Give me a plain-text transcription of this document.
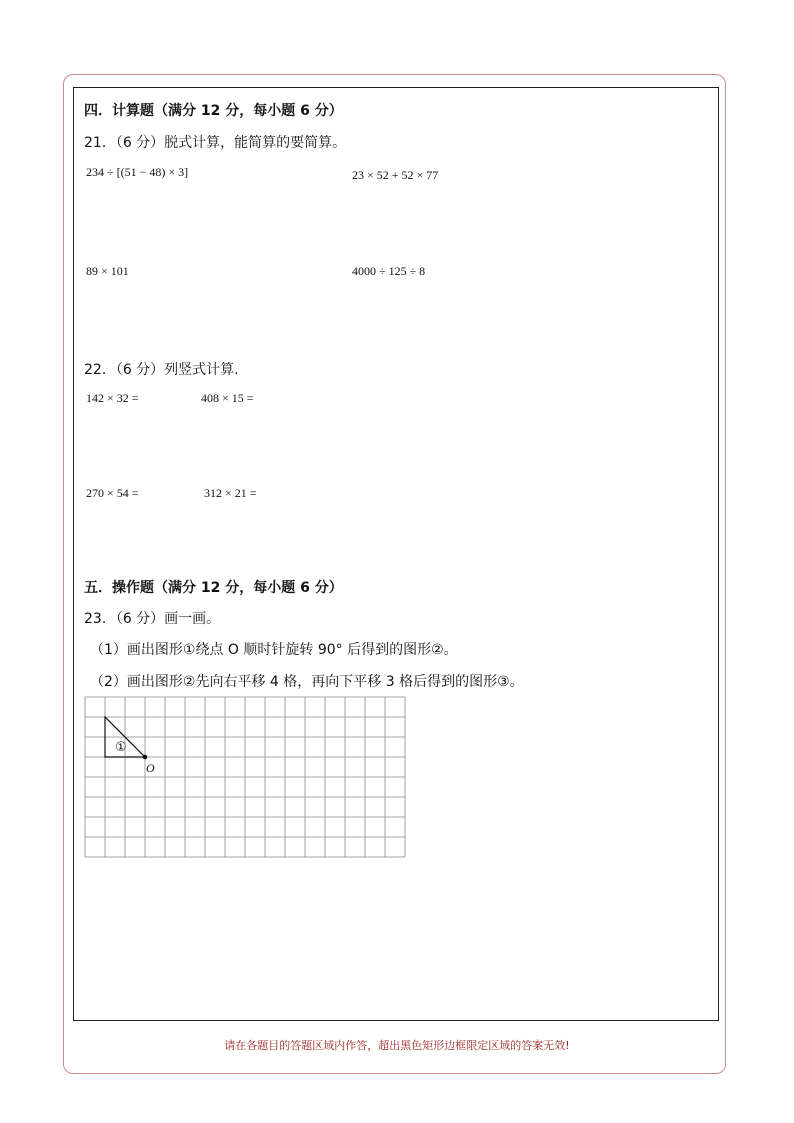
四．计算题（满分 12 分，每小题 6 分）
21．（6 分）脱式计算，能简算的要简算。
234 ÷ [(51 − 48) × 3]	23 × 52 + 52 × 77
89 × 101	4000 ÷ 125 ÷ 8
22．（6 分）列竖式计算.
142 × 32 =	408 × 15 =
270 × 54 =	312 × 21 =
五．操作题（满分 12 分，每小题 6 分）
23．（6 分）画一画。
（1）画出图形①绕点 O 顺时针旋转 90° 后得到的图形②。
（2）画出图形②先向右平移 4 格，再向下平移 3 格后得到的图形③。
①
O
请在各题目的答题区域内作答，超出黑色矩形边框限定区域的答案无效!
